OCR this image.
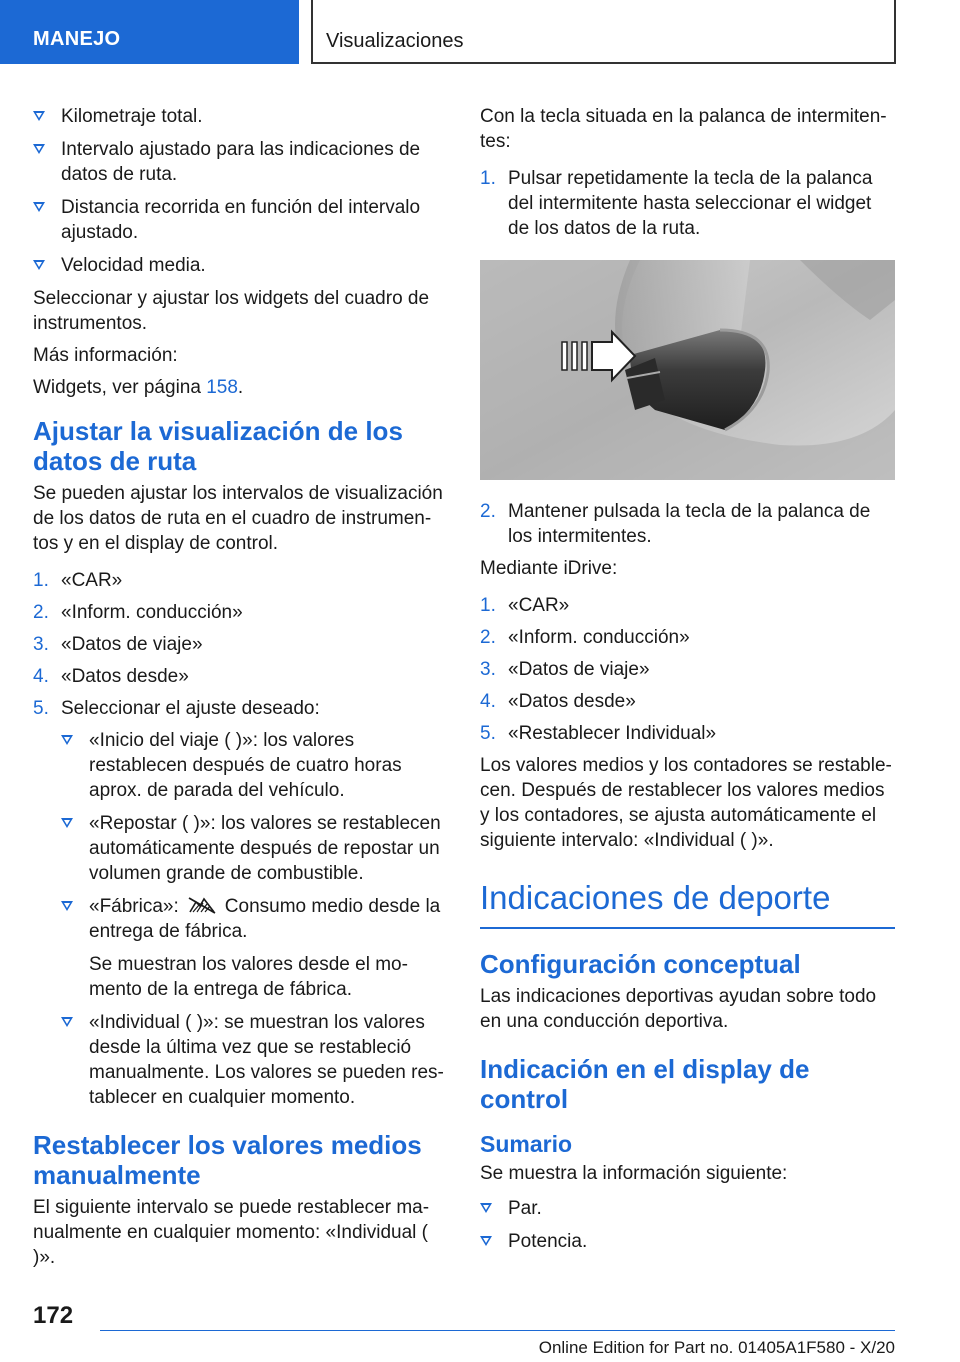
MANEJO	Visualizaciones
Kilometraje total.
Intervalo ajustado para las indicaciones de datos de ruta.
Distancia recorrida en función del intervalo ajustado.
Velocidad media.

Seleccionar y ajustar los widgets del cuadro de instrumentos.

Más información:

Widgets, ver página 158.

Ajustar la visualización de los datos de ruta

Se pueden ajustar los intervalos de visualización de los datos de ruta en el cuadro de instrumen- tos y en el display de control.

1. «CAR»
2. «Inform. conducción»
3. «Datos de viaje»
4. «Datos desde»
5. Seleccionar el ajuste deseado:
«Inicio del viaje ( )»: los valores restablecen después de cuatro horas aprox. de parada del vehículo.
«Repostar ( )»: los valores se restablecen automáticamente después de repostar un volumen grande de combustible.
«Fábrica»: Consumo medio desde la entrega de fábrica.
Se muestran los valores desde el mo- mento de la entrega de fábrica.
«Individual ( )»: se muestran los valores desde la última vez que se restableció manualmente. Los valores se pueden res- tablecer en cualquier momento.
Restablecer los valores medios manualmente

El siguiente intervalo se puede restablecer ma- nualmente en cualquier momento: «Individual ( )».

Con la tecla situada en la palanca de intermiten- tes:

1. Pulsar repetidamente la tecla de la palanca del intermitente hasta seleccionar el widget de los datos de la ruta.
2. Mantener pulsada la tecla de la palanca de los intermitentes.

Mediante iDrive:

1. «CAR»
2. «Inform. conducción»
3. «Datos de viaje»
4. «Datos desde»
5. «Restablecer Individual»

Los valores medios y los contadores se restable- cen. Después de restablecer los valores medios y los contadores, se ajusta automáticamente el siguiente intervalo: «Individual ( )».

Indicaciones de deporte
Configuración conceptual

Las indicaciones deportivas ayudan sobre todo en una conducción deportiva.

Indicación en el display de control
Sumario

Se muestra la información siguiente:

Par.
Potencia.
172
Online Edition for Part no. 01405A1F580 - X/20
